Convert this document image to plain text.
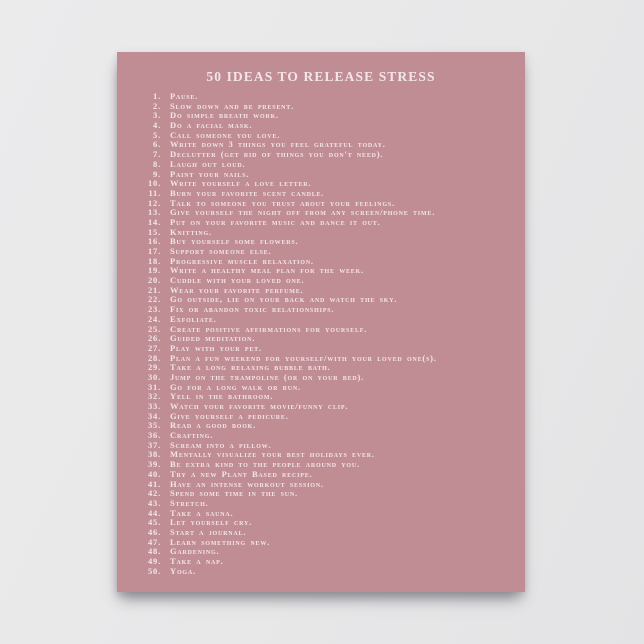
50 IDEAS TO RELEASE STRESS
1. Pause.
2. Slow down and be present.
3. Do simple breath work.
4. Do a facial mask.
5. Call someone you love.
6. Write down 3 things you feel grateful today.
7. Declutter (get rid of things you don't need).
8. Laugh out loud.
9. Paint your nails.
10. Write yourself a love letter.
11. Burn your favorite scent candle.
12. Talk to someone you trust about your feelings.
13. Give yourself the night off from any screen/phone time.
14. Put on your favorite music and dance it out.
15. Knitting.
16. Buy yourself some flowers.
17. Support someone else.
18. Progressive muscle relaxation.
19. Write a healthy meal plan for the week.
20. Cuddle with your loved one.
21. Wear your favorite perfume.
22. Go outside, lie on your back and watch the sky.
23. Fix or abandon toxic relationships.
24. Exfoliate.
25. Create positive affirmations for yourself.
26. Guided meditation.
27. Play with your pet.
28. Plan a fun weekend for yourself/with your loved one(s).
29. Take a long relaxing bubble bath.
30. Jump on the trampoline (or on your bed).
31. Go for a long walk or run.
32. Yell in the bathroom.
33. Watch your favorite movie/funny clip.
34. Give yourself a pedicure.
35. Read a good book.
36. Crafting.
37. Scream into a pillow.
38. Mentally visualize your best holidays ever.
39. Be extra kind to the people around you.
40. Try a new Plant Based recipe.
41. Have an intense workout session.
42. Spend some time in the sun.
43. Stretch.
44. Take a sauna.
45. Let yourself cry.
46. Start a journal.
47. Learn something new.
48. Gardening.
49. Take a nap.
50. Yoga.
